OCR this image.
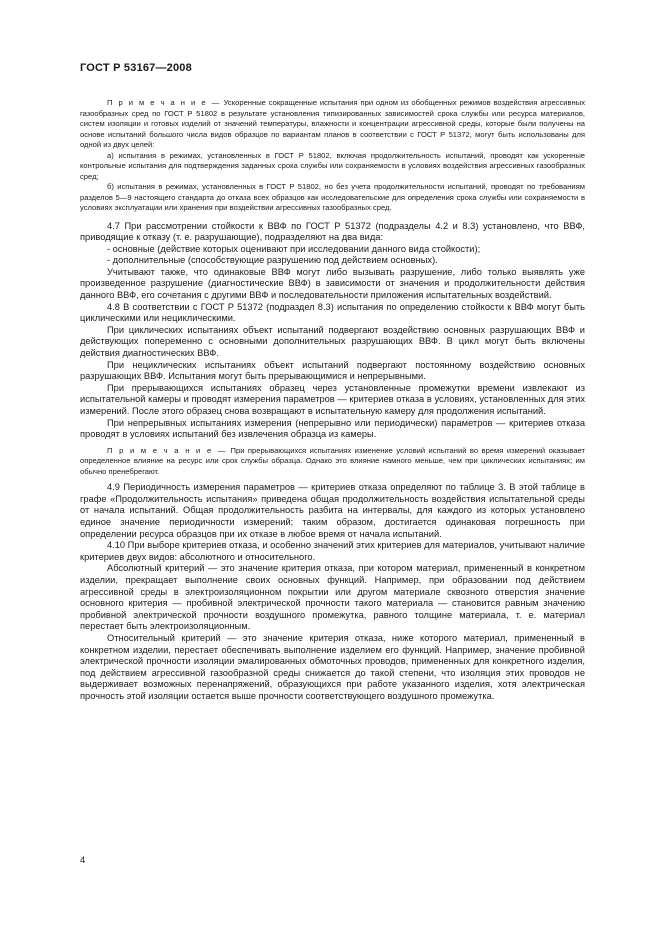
ГОСТ Р 53167—2008

П р и м е ч а н и е — Ускоренные сокращенные испытания при одном из обобщенных режимов воздействия агрессивных газообразных сред по ГОСТ Р 51802 в результате установления типизированных зависимостей срока службы или ресурса материалов, систем изоляции и готовых изделий от значений температуры, влажности и концентрации агрессивной среды, которые были получены на основе испытаний большого числа видов образцов по вариантам планов в соответствии с ГОСТ Р 51372, могут быть использованы для одной из двух целей:

а) испытания в режимах, установленных в ГОСТ Р 51802, включая продолжительность испытаний, проводят как ускоренные контрольные испытания для подтверждения заданных срока службы или сохраняемости в условиях воздействия агрессивных газообразных сред;

б) испытания в режимах, установленных в ГОСТ Р 51802, но без учета продолжительности испытаний, проводят по требованиям разделов 5—9 настоящего стандарта до отказа всех образцов как исследовательские для определения срока службы или сохраняемости в условиях эксплуатации или хранения при воздействии агрессивных газообразных сред.

4.7 При рассмотрении стойкости к ВВФ по ГОСТ Р 51372 (подразделы 4.2 и 8.3) установлено, что ВВФ, приводящие к отказу (т. е. разрушающие), подразделяют на два вида:

- основные (действие которых оценивают при исследовании данного вида стойкости);

- дополнительные (способствующие разрушению под действием основных).

Учитывают также, что одинаковые ВВФ могут либо вызывать разрушение, либо только выявлять уже произведенное разрушение (диагностические ВВФ) в зависимости от значения и продолжительности действия данного ВВФ, его сочетания с другими ВВФ и последовательности приложения испытательных воздействий.

4.8 В соответствии с ГОСТ Р 51372 (подраздел 8.3) испытания по определению стойкости к ВВФ могут быть циклическими или нециклическими.

При циклических испытаниях объект испытаний подвергают воздействию основных разрушающих ВВФ и действующих попеременно с основными дополнительных разрушающих ВВФ. В цикл могут быть включены действия диагностических ВВФ.

При нециклических испытаниях объект испытаний подвергают постоянному воздействию основных разрушающих ВВФ. Испытания могут быть прерывающимися и непрерывными.

При прерывающихся испытаниях образец через установленные промежутки времени извлекают из испытательной камеры и проводят измерения параметров — критериев отказа в условиях, установленных для этих измерений. После этого образец снова возвращают в испытательную камеру для продолжения испытаний.

При непрерывных испытаниях измерения (непрерывно или периодически) параметров — критериев отказа проводят в условиях испытаний без извлечения образца из камеры.

П р и м е ч а н и е — При прерывающихся испытаниях изменение условий испытаний во время измерений оказывает определенное влияние на ресурс или срок службы образца. Однако это влияние намного меньше, чем при циклических испытаниях; им обычно пренебрегают.

4.9 Периодичность измерения параметров — критериев отказа определяют по таблице 3. В этой таблице в графе «Продолжительность испытания» приведена общая продолжительность воздействия испытательной среды от начала испытаний. Общая продолжительность разбита на интервалы, для каждого из которых установлено единое значение периодичности измерений; таким образом, достигается одинаковая погрешность при определении ресурса образцов при их отказе в любое время от начала испытаний.

4.10 При выборе критериев отказа, и особенно значений этих критериев для материалов, учитывают наличие критериев двух видов: абсолютного и относительного.

Абсолютный критерий — это значение критерия отказа, при котором материал, примененный в конкретном изделии, прекращает выполнение своих основных функций. Например, при образовании под действием агрессивной среды в электроизоляционном покрытии или другом материале сквозного отверстия значение основного критерия — пробивной электрической прочности такого материала — становится равным значению пробивной электрической прочности воздушного промежутка, равного толщине материала, т. е. материал перестает быть электроизоляционным.

Относительный критерий — это значение критерия отказа, ниже которого материал, примененный в конкретном изделии, перестает обеспечивать выполнение изделием его функций. Например, значение пробивной электрической прочности изоляции эмалированных обмоточных проводов, примененных для конкретного изделия, под действием агрессивной газообразной среды снижается до такой степени, что изоляция этих проводов не выдерживает возможных перенапряжений, образующихся при работе указанного изделия, хотя электрическая прочность этой изоляции остается выше прочности соответствующего воздушного промежутка.

4
